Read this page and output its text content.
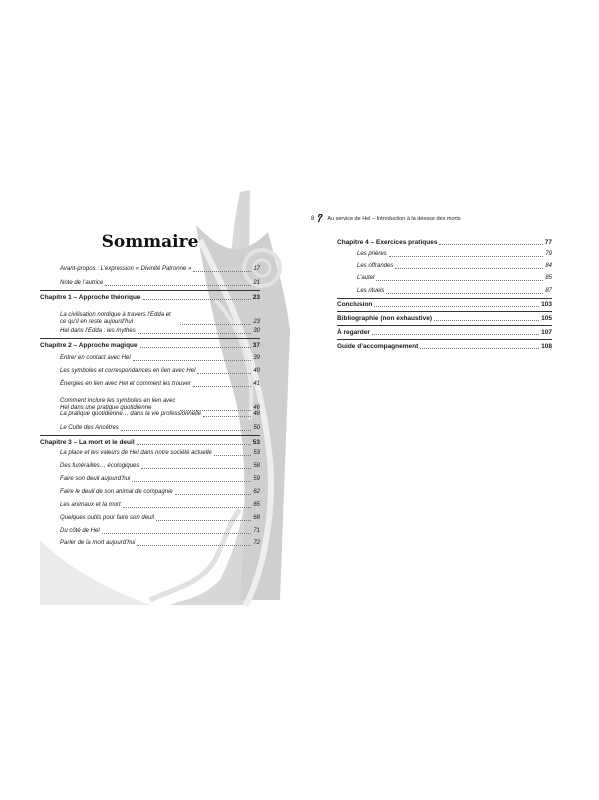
Sommaire
8 Au service de Hel – Introduction à la déesse des morts
Avant-propos : L’expression « Divinité Patronne »	17
Note de l’autrice	21
Chapitre 1 – Approche théorique	23
La civilisation nordique à travers l’Edda et ce qu’il en reste aujourd’hui	23
Hel dans l’Edda : les mythes	30
Chapitre 2 – Approche magique	37
Entrer en contact avec Hel	39
Les symboles et correspondances en lien avec Hel	40
Énergies en lien avec Hel et comment les trouver	41
Comment inclure les symboles en lien avec Hel dans une pratique quotidienne	46
La pratique quotidienne… dans la vie professionnelle	48
Le Culte des Ancêtres	50
Chapitre 3 – La mort et le deuil	53
La place et les valeurs de Hel dans notre société actuelle	53
Des funérailles… écologiques	58
Faire son deuil aujourd’hui	59
Faire le deuil de son animal de compagnie	62
Les animaux et la mort	65
Quelques outils pour faire son deuil	68
Du côté de Hel	71
Parler de la mort aujourd’hui	72
Chapitre 4 – Exercices pratiques	77
Les prières	79
Les offrandes	84
L’autel	85
Les rituels	87
Conclusion	103
Bibliographie (non exhaustive)	105
À regarder	107
Guide d’accompagnement	108
